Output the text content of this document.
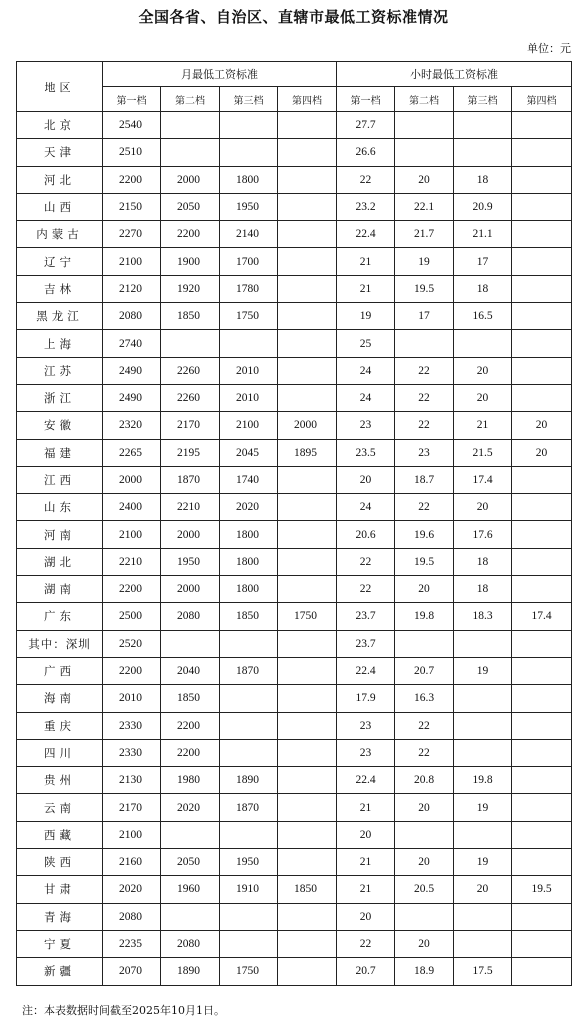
全国各省、自治区、直辖市最低工资标准情况
单位：元
地区	月最低工资标准				小时最低工资标准			
	第一档	第二档	第三档	第四档	第一档	第二档	第三档	第四档
北京	2540				27.7			
天津	2510				26.6			
河北	2200	2000	1800		22	20	18	
山西	2150	2050	1950		23.2	22.1	20.9	
内蒙古	2270	2200	2140		22.4	21.7	21.1	
辽宁	2100	1900	1700		21	19	17	
吉林	2120	1920	1780		21	19.5	18	
黑龙江	2080	1850	1750		19	17	16.5	
上海	2740				25			
江苏	2490	2260	2010		24	22	20	
浙江	2490	2260	2010		24	22	20	
安徽	2320	2170	2100	2000	23	22	21	20
福建	2265	2195	2045	1895	23.5	23	21.5	20
江西	2000	1870	1740		20	18.7	17.4	
山东	2400	2210	2020		24	22	20	
河南	2100	2000	1800		20.6	19.6	17.6	
湖北	2210	1950	1800		22	19.5	18	
湖南	2200	2000	1800		22	20	18	
广东	2500	2080	1850	1750	23.7	19.8	18.3	17.4
其中：深圳	2520				23.7			
广西	2200	2040	1870		22.4	20.7	19	
海南	2010	1850			17.9	16.3		
重庆	2330	2200			23	22		
四川	2330	2200			23	22		
贵州	2130	1980	1890		22.4	20.8	19.8	
云南	2170	2020	1870		21	20	19	
西藏	2100				20			
陕西	2160	2050	1950		21	20	19	
甘肃	2020	1960	1910	1850	21	20.5	20	19.5
青海	2080				20			
宁夏	2235	2080			22	20		
新疆	2070	1890	1750		20.7	18.9	17.5	
注：本表数据时间截至2025年10月1日。
